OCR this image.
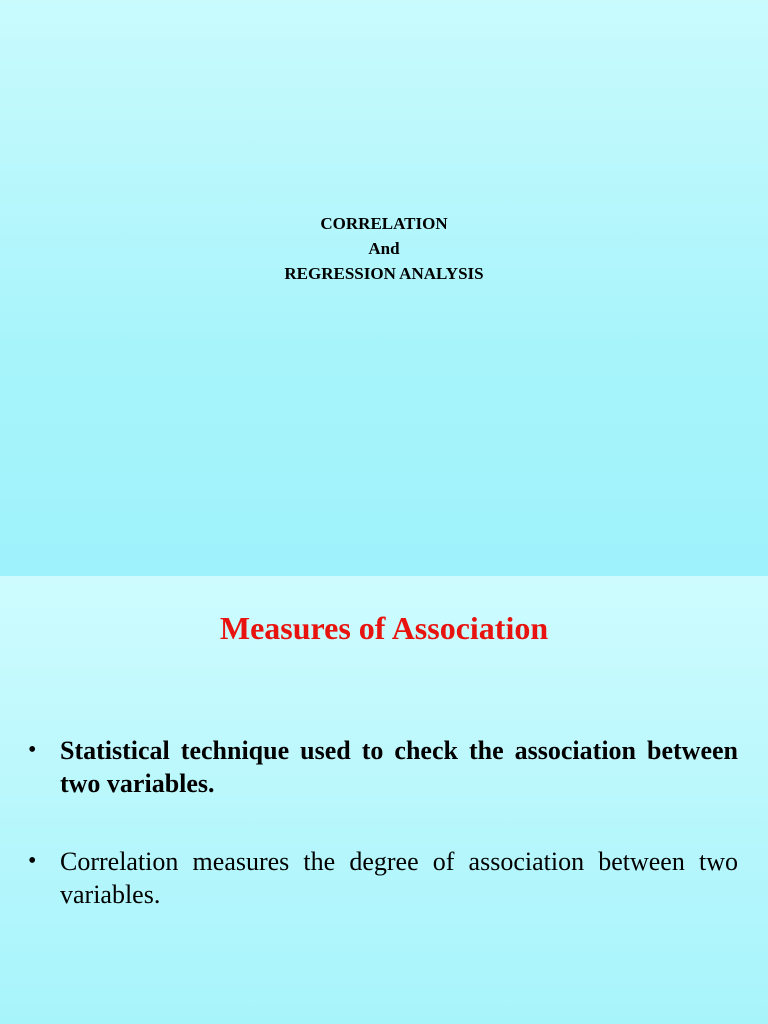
CORRELATION
And
REGRESSION ANALYSIS
Measures of Association
• Statistical technique used to check the association between two variables.
• Correlation measures the degree of association between two variables.
